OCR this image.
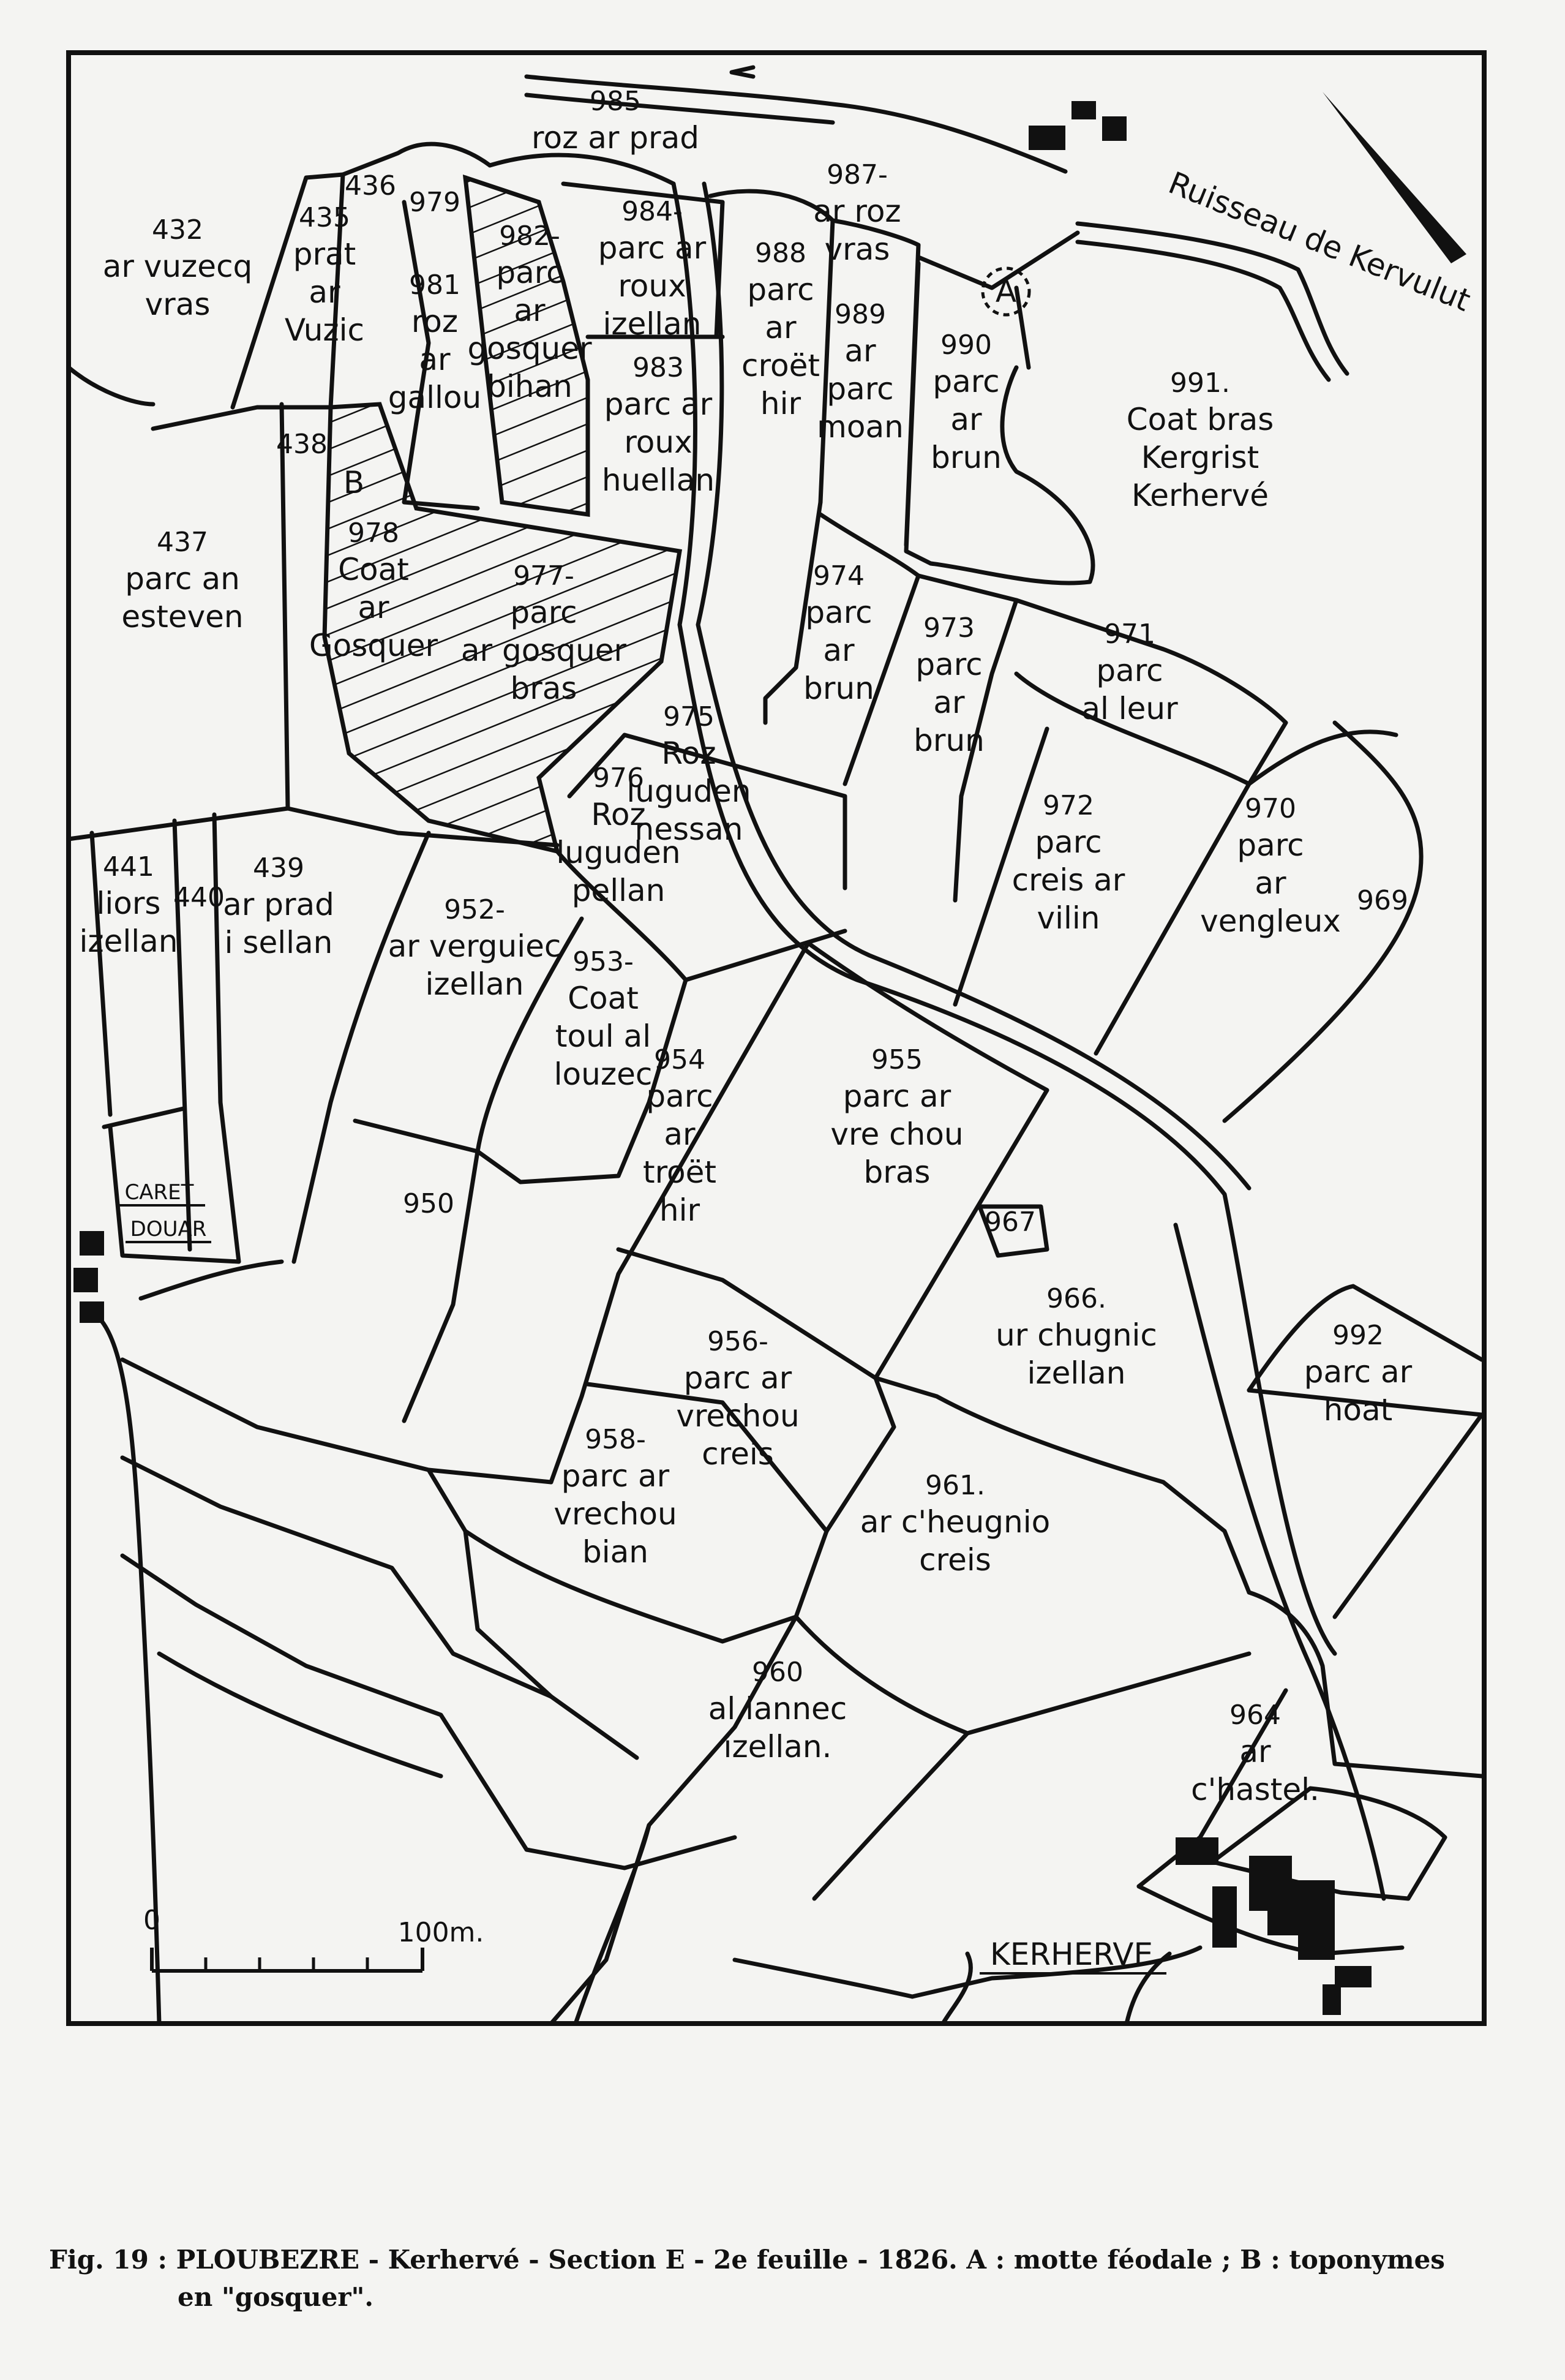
A
B
432
ar vuzecq
vras
435
prat
ar
Vuzic
436
979
985
roz ar prad
987-
ar roz
vras
981
roz
ar
gallou
982-
parc
ar
gosquer
bihan
984-
parc ar
roux
izellan
988
parc
ar
croët
hir
989
ar
parc
moan
990
parc
ar
brun
991.
Coat bras
Kergrist
Kerhervé
983
parc ar
roux
huellan
438
437
parc an
esteven
978
Coat
ar
Gosquer
977-
parc
ar gosquer
bras
974
parc
ar
brun
973
parc
ar
brun
971
parc
al leur
975
Roz
luguden
nessan
976
Roz
luguden
pellan
441
liors
izellan
440
439
ar prad
i sellan
952-
ar verguiec
izellan
953-
Coat
toul al
louzec
972
parc
creis ar
vilin
970
parc
ar
vengleux
969
954
parc
ar
troët
hir
955
parc ar
vre chou
bras
950
967
966.
ur chugnic
izellan
992
parc ar
hoat
956-
parc ar
vrechou
creis
958-
parc ar
vrechou
bian
961.
ar c'heugnio
creis
960
al lannec
izellan.
964
ar
c'hastel.
Ruisseau de Kervulut
CARET
DOUAR
KERHERVE
0	100m.
Fig. 19 : PLOUBEZRE - Kerhervé - Section E - 2e feuille - 1826. A : motte féodale ; B : toponymes
en "gosquer".
